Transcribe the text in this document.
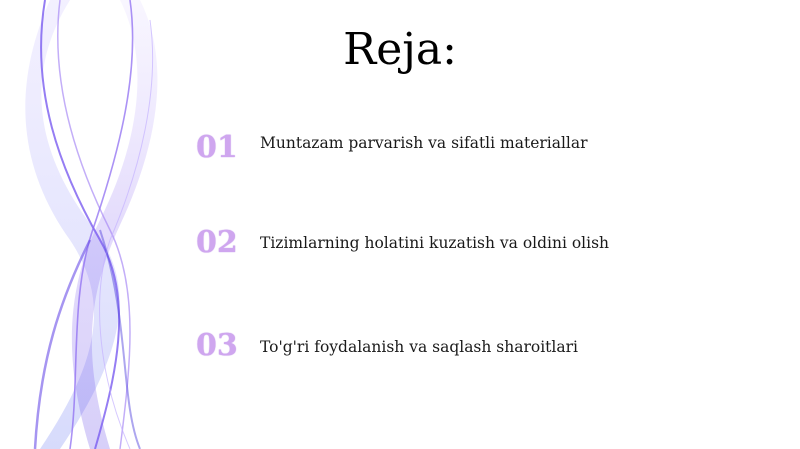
Reja:
01	Muntazam parvarish va sifatli materiallar
02	Tizimlarning holatini kuzatish va oldini olish
03	To'g'ri foydalanish va saqlash sharoitlari
